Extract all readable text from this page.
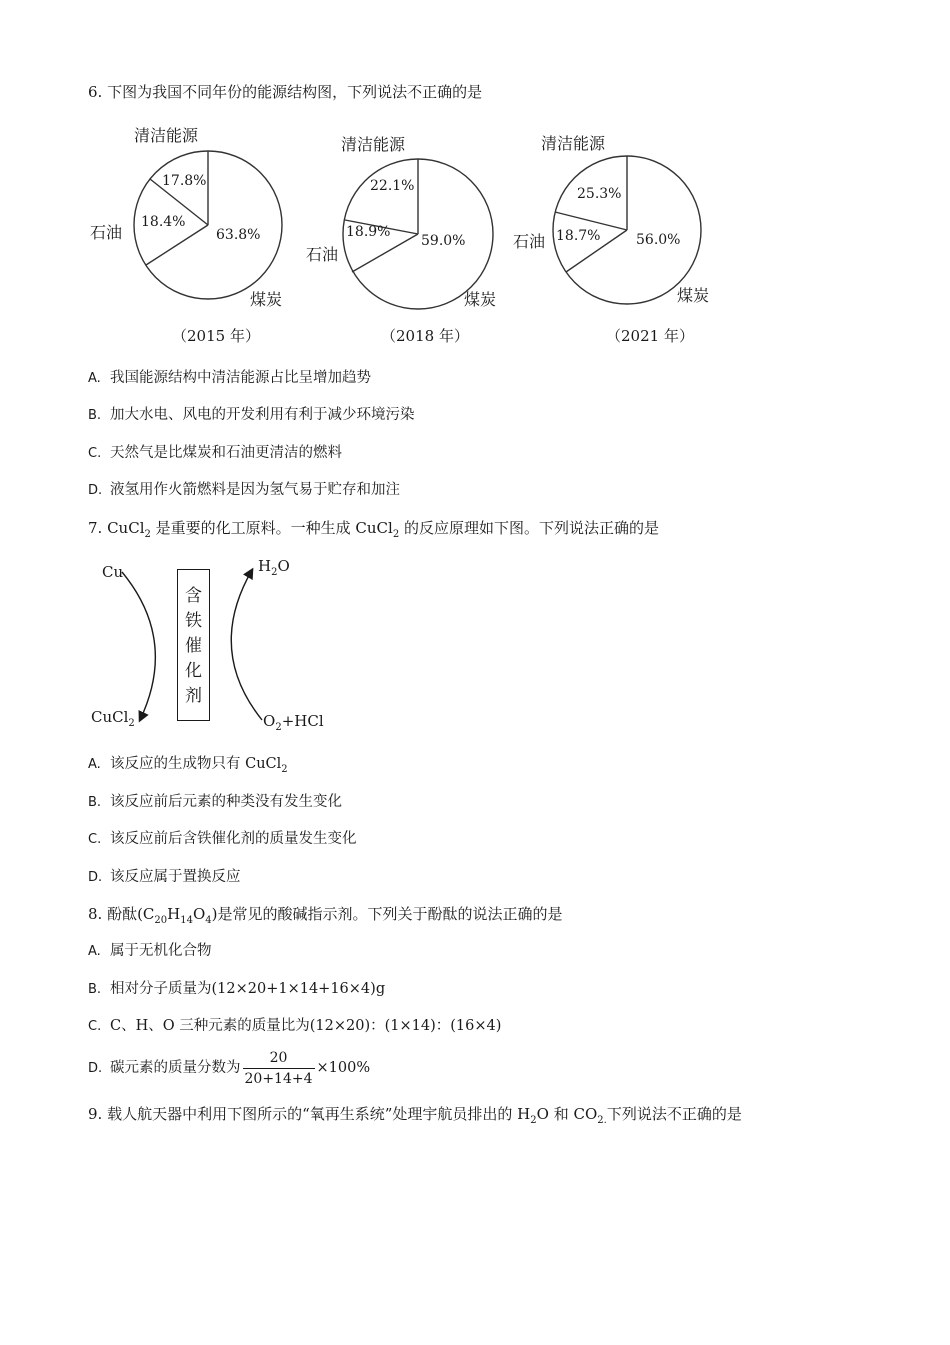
6. 下图为我国不同年份的能源结构图，下列说法不正确的是
清洁能源
石油
煤炭
17.8%
18.4%
63.8%
（2015 年）
清洁能源
石油
煤炭
22.1%
18.9%
59.0%
（2018 年）
清洁能源
石油
煤炭
25.3%
18.7%	56.0%
（2021 年）
A. 我国能源结构中清洁能源占比呈增加趋势
B. 加大水电、风电的开发利用有利于减少环境污染
C. 天然气是比煤炭和石油更清洁的燃料
D. 液氢用作火箭燃料是因为氢气易于贮存和加注
7. CuCl$_2$ 是重要的化工原料。一种生成 CuCl$_2$ 的反应原理如下图。下列说法正确的是
Cu	$H_2O$
CuCl$_2$	$O_2+HCl$
含
铁
催
化
剂
A. 该反应的生成物只有 CuCl$_2$
B. 该反应前后元素的种类没有发生变化
C. 该反应前后含铁催化剂的质量发生变化
D. 该反应属于置换反应
8. 酚酞$(C_{20}H_{14}O_4)$是常见的酸碱指示剂。下列关于酚酞的说法正确的是
A. 属于无机化合物
B. 相对分子质量为(12×20+1×14+16×4)g
C. C、H、O 三种元素的质量比为(12×20)：(1×14)：(16×4)
D. 碳元素的质量分数为 $\frac{20}{20+14+4} \times 100\%$
9. 载人航天器中利用下图所示的“氧再生系统”处理宇航员排出的 $H_2O$ 和 $CO_{2.}$下列说法不正确的是
